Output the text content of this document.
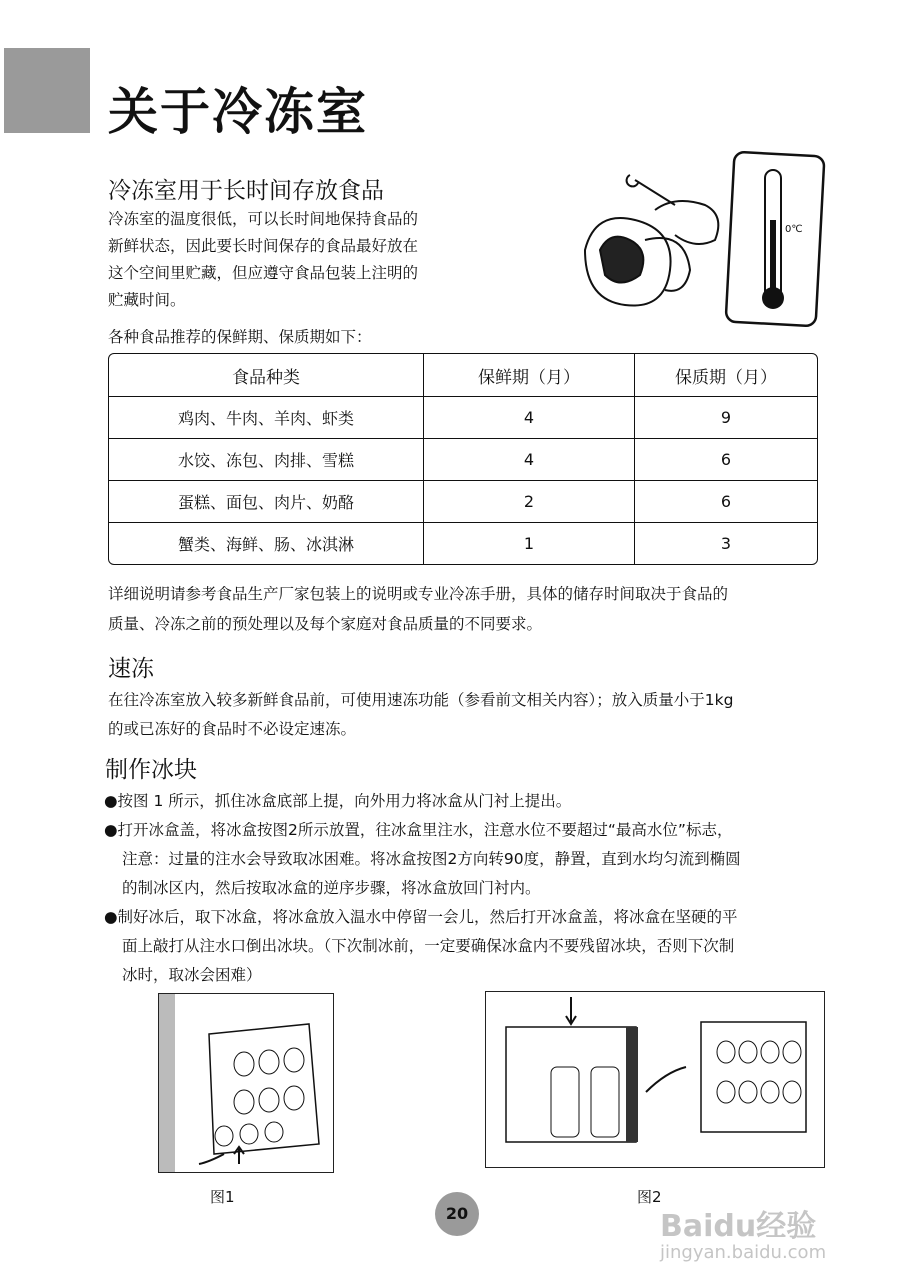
关于冷冻室
冷冻室用于长时间存放食品
冷冻室的温度很低，可以长时间地保持食品的
新鲜状态，因此要长时间保存的食品最好放在
这个空间里贮藏，但应遵守食品包装上注明的
贮藏时间。
各种食品推荐的保鲜期、保质期如下：
0℃
食品种类	保鲜期（月）	保质期（月）
鸡肉、牛肉、羊肉、虾类	4	9
水饺、冻包、肉排、雪糕	4	6
蛋糕、面包、肉片、奶酪	2	6
蟹类、海鲜、肠、冰淇淋	1	3
详细说明请参考食品生产厂家包装上的说明或专业冷冻手册，具体的储存时间取决于食品的
质量、冷冻之前的预处理以及每个家庭对食品质量的不同要求。
速冻
在往冷冻室放入较多新鲜食品前，可使用速冻功能（参看前文相关内容）；放入质量小于1kg
的或已冻好的食品时不必设定速冻。
制作冰块
●按图 1 所示，抓住冰盒底部上提，向外用力将冰盒从门衬上提出。
●打开冰盒盖，将冰盒按图2所示放置，往冰盒里注水，注意水位不要超过“最高水位”标志，
注意：过量的注水会导致取冰困难。将冰盒按图2方向转90度，静置，直到水均匀流到椭圆
的制冰区内，然后按取冰盒的逆序步骤，将冰盒放回门衬内。
●制好冰后，取下冰盒，将冰盒放入温水中停留一会儿，然后打开冰盒盖，将冰盒在坚硬的平
面上敲打从注水口倒出冰块。（下次制冰前，一定要确保冰盒内不要残留冰块，否则下次制
冰时，取冰会困难）
图1	图2
20	Baidu经验
jingyan.baidu.com
